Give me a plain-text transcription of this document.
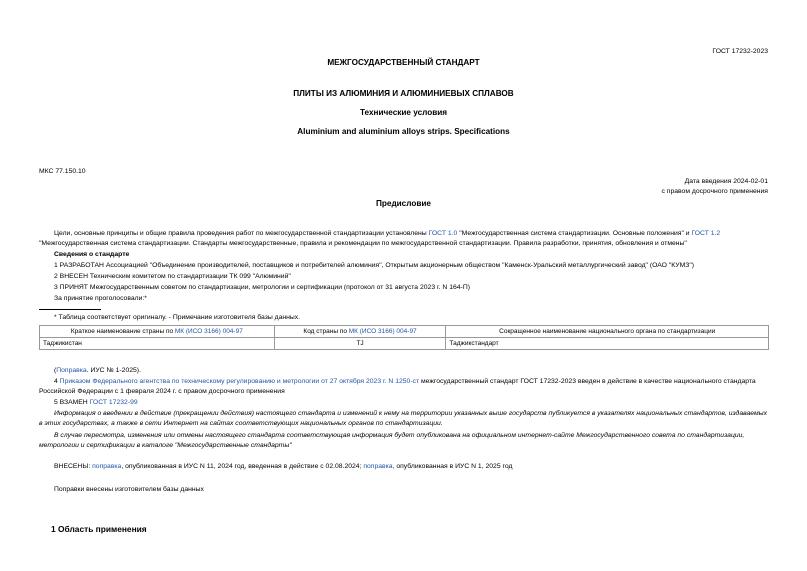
ГОСТ 17232-2023
МЕЖГОСУДАРСТВЕННЫЙ СТАНДАРТ
ПЛИТЫ ИЗ АЛЮМИНИЯ И АЛЮМИНИЕВЫХ СПЛАВОВ
Технические условия
Aluminium and aluminium alloys strips. Specifications
МКС 77.150.10
Дата введения 2024-02-01
с правом досрочного применения
Предисловие
Цели, основные принципы и общие правила проведения работ по межгосударственной стандартизации установлены ГОСТ 1.0 "Межгосударственная система стандартизации. Основные положения" и ГОСТ 1.2 "Межгосударственная система стандартизации. Стандарты межгосударственные, правила и рекомендации по межгосударственной стандартизации. Правила разработки, принятия, обновления и отмены"
Сведения о стандарте
1 РАЗРАБОТАН Ассоциацией "Объединение производителей, поставщиков и потребителей алюминия", Открытым акционерным обществом "Каменск-Уральский металлургический завод" (ОАО "КУМЗ")
2 ВНЕСЕН Техническим комитетом по стандартизации ТК 099 "Алюминий"
3 ПРИНЯТ Межгосударственным советом по стандартизации, метрологии и сертификации (протокол от 31 августа 2023 г. N 164-П)
За принятие проголосовали:*
* Таблица соответствует оригиналу. - Примечание изготовителя базы данных.
Краткое наименование страны по МК (ИСО 3166) 004-97	Код страны по МК (ИСО 3166) 004-97	Сокращенное наименование национального органа по стандартизации
Таджикистан	TJ	Таджикстандарт
(Поправка. ИУС № 1-2025).
4 Приказом Федерального агентства по техническому регулированию и метрологии от 27 октября 2023 г. N 1250-ст межгосударственный стандарт ГОСТ 17232-2023 введен в действие в качестве национального стандарта Российской Федерации с 1 февраля 2024 г. с правом досрочного применения
5 ВЗАМЕН ГОСТ 17232-99
Информация о введении в действие (прекращении действия) настоящего стандарта и изменений к нему на территории указанных выше государств публикуется в указателях национальных стандартов, издаваемых в этих государствах, а также в сети Интернет на сайтах соответствующих национальных органов по стандартизации.
В случае пересмотра, изменения или отмены настоящего стандарта соответствующая информация будет опубликована на официальном интернет-сайте Межгосударственного совета по стандартизации, метрологии и сертификации в каталоге "Межгосударственные стандарты"
ВНЕСЕНЫ: поправка, опубликованная в ИУС N 11, 2024 год, введенная в действие с 02.08.2024; поправка, опубликованная в ИУС N 1, 2025 год
Поправки внесены изготовителем базы данных
1 Область применения
